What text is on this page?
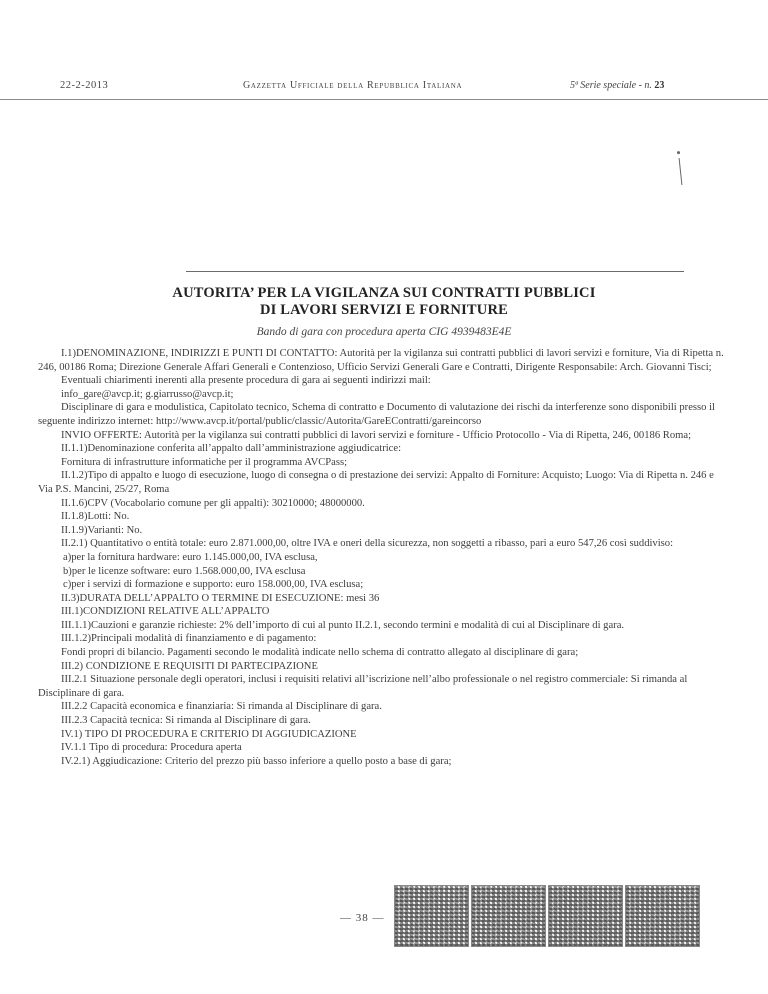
22-2-2013	Gazzetta Ufficiale della Repubblica Italiana	5ª Serie speciale - n. 23
AUTORITA’ PER LA VIGILANZA SUI CONTRATTI PUBBLICI
DI LAVORI SERVIZI E FORNITURE
Bando di gara con procedura aperta CIG 4939483E4E

I.1)DENOMINAZIONE, INDIRIZZI E PUNTI DI CONTATTO: Autorità per la vigilanza sui contratti pubblici di lavori servizi e forniture, Via di Ripetta n. 246, 00186 Roma; Direzione Generale Affari Generali e Contenzioso, Ufficio Servizi Generali Gare e Contratti, Dirigente Responsabile: Arch. Giovanni Tisci;

Eventuali chiarimenti inerenti alla presente procedura di gara ai seguenti indirizzi mail:

info_gare@avcp.it; g.giarrusso@avcp.it;

Disciplinare di gara e modulistica, Capitolato tecnico, Schema di contratto e Documento di valutazione dei rischi da interferenze sono disponibili presso il seguente indirizzo internet: http://www.avcp.it/portal/public/classic/Autorita/GareEContratti/gareincorso

INVIO OFFERTE: Autorità per la vigilanza sui contratti pubblici di lavori servizi e forniture - Ufficio Protocollo - Via di Ripetta, 246, 00186 Roma;

II.1.1)Denominazione conferita all’appalto dall’amministrazione aggiudicatrice:

Fornitura di infrastrutture informatiche per il programma AVCPass;

II.1.2)Tipo di appalto e luogo di esecuzione, luogo di consegna o di prestazione dei servizi: Appalto di Forniture: Acquisto; Luogo: Via di Ripetta n. 246 e Via P.S. Mancini, 25/27, Roma

II.1.6)CPV (Vocabolario comune per gli appalti): 30210000; 48000000.

II.1.8)Lotti: No.

II.1.9)Varianti: No.

II.2.1) Quantitativo o entità totale: euro 2.871.000,00, oltre IVA e oneri della sicurezza, non soggetti a ribasso, pari a euro 547,26 così suddiviso:

a)per la fornitura hardware: euro 1.145.000,00, IVA esclusa,

b)per le licenze software: euro 1.568.000,00, IVA esclusa

c)per i servizi di formazione e supporto: euro 158.000,00, IVA esclusa;

II.3)DURATA DELL’APPALTO O TERMINE DI ESECUZIONE: mesi 36

III.1)CONDIZIONI RELATIVE ALL’APPALTO

III.1.1)Cauzioni e garanzie richieste: 2% dell’importo di cui al punto II.2.1, secondo termini e modalità di cui al Disciplinare di gara.

III.1.2)Principali modalità di finanziamento e di pagamento:

Fondi propri di bilancio. Pagamenti secondo le modalità indicate nello schema di contratto allegato al disciplinare di gara;

III.2) CONDIZIONE E REQUISITI DI PARTECIPAZIONE

III.2.1 Situazione personale degli operatori, inclusi i requisiti relativi all’iscrizione nell’albo professionale o nel registro commerciale: Si rimanda al Disciplinare di gara.

III.2.2 Capacità economica e finanziaria: Si rimanda al Disciplinare di gara.

III.2.3 Capacità tecnica: Si rimanda al Disciplinare di gara.

IV.1) TIPO DI PROCEDURA E CRITERIO DI AGGIUDICAZIONE

IV.1.1 Tipo di procedura: Procedura aperta

IV.2.1) Aggiudicazione: Criterio del prezzo più basso inferiore a quello posto a base di gara;

— 38 —
